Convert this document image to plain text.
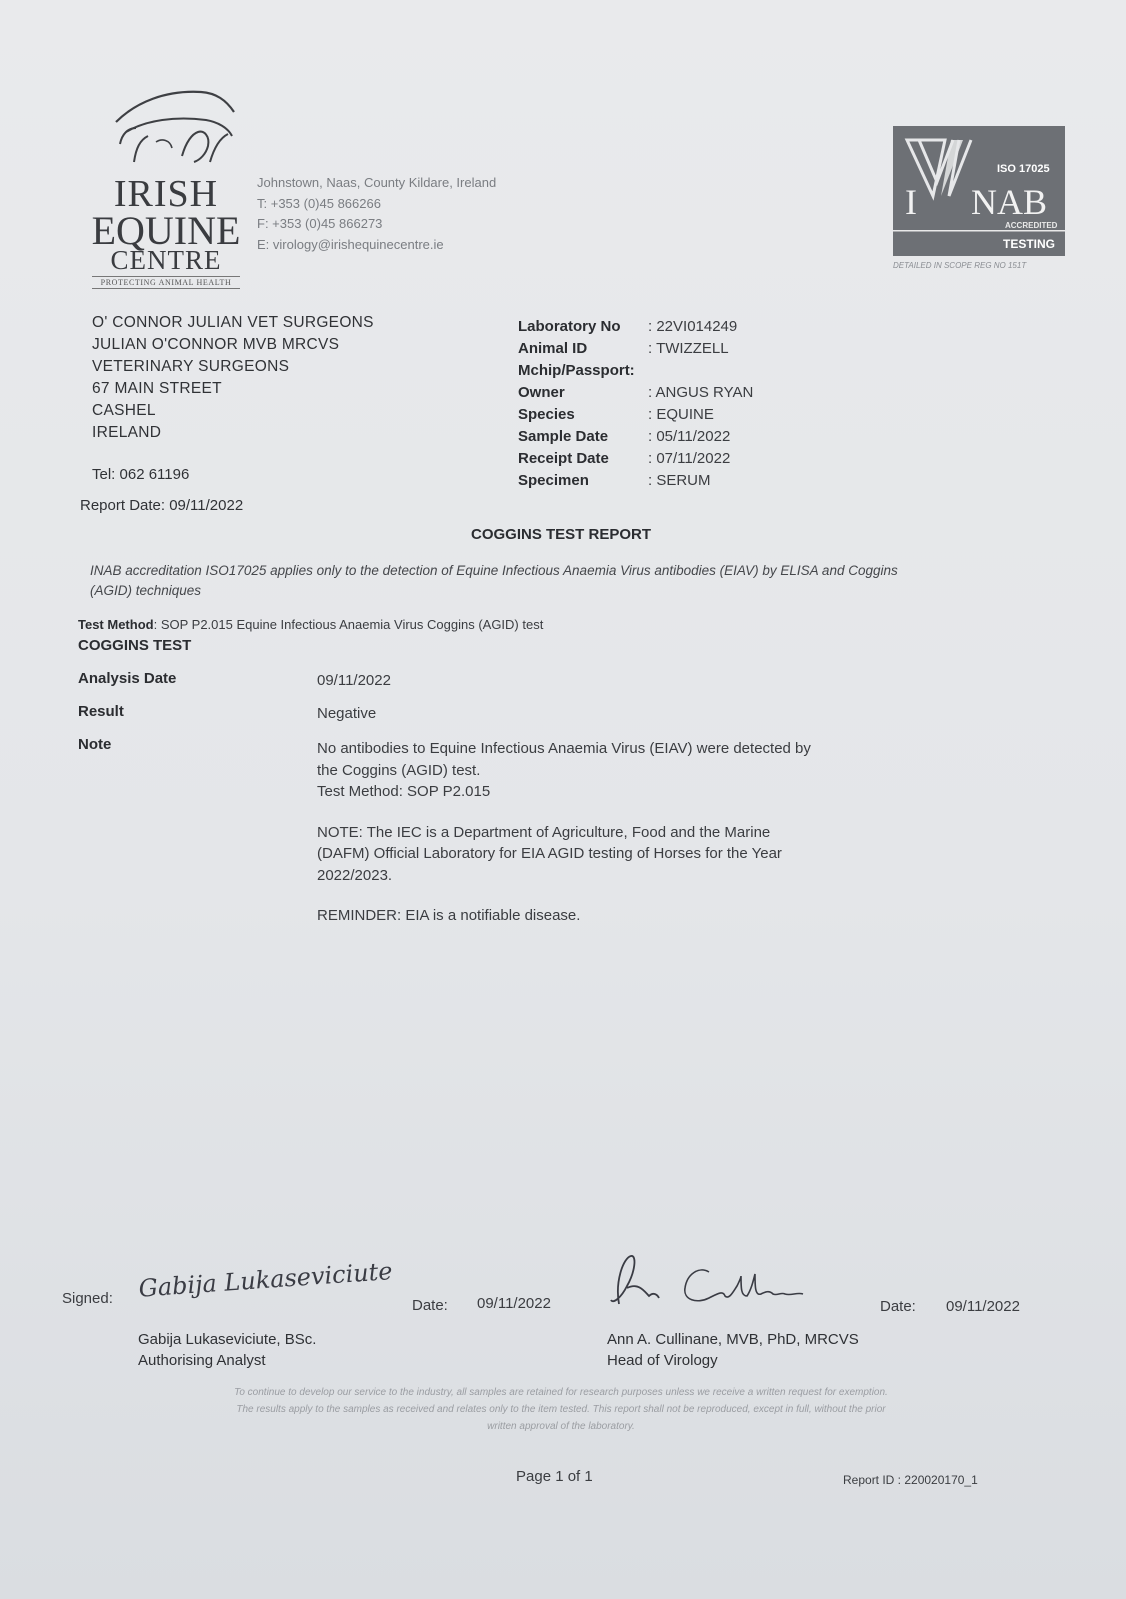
IRISH
EQUINE
CENTRE
PROTECTING ANIMAL HEALTH
Johnstown, Naas, County Kildare, Ireland
T: +353 (0)45 866266
F: +353 (0)45 866273
E: virology@irishequinecentre.ie
ISO 17025
I NAB
ACCREDITED
TESTING
DETAILED IN SCOPE REG NO 151T
O' CONNOR JULIAN VET SURGEONS
JULIAN O'CONNOR MVB MRCVS
VETERINARY SURGEONS
67 MAIN STREET
CASHEL
IRELAND
Tel: 062 61196
Report Date: 09/11/2022
Laboratory No	: 22VI014249
Animal ID	: TWIZZELL
Mchip/Passport:
Owner	: ANGUS RYAN
Species	: EQUINE
Sample Date	: 05/11/2022
Receipt Date	: 07/11/2022
Specimen	: SERUM
COGGINS TEST REPORT
INAB accreditation ISO17025 applies only to the detection of Equine Infectious Anaemia Virus antibodies (EIAV) by ELISA and Coggins (AGID) techniques
Test Method: SOP P2.015 Equine Infectious Anaemia Virus Coggins (AGID) test
COGGINS TEST
Analysis Date	09/11/2022
Result	Negative
Note	No antibodies to Equine Infectious Anaemia Virus (EIAV) were detected by
the Coggins (AGID) test.
Test Method: SOP P2.015
NOTE: The IEC is a Department of Agriculture, Food and the Marine
(DAFM) Official Laboratory for EIA AGID testing of Horses for the Year
2022/2023.
REMINDER: EIA is a notifiable disease.
Signed: Gabija Lukaseviciute
Date: 09/11/2022	Date: 09/11/2022
Gabija Lukaseviciute, BSc.
Authorising Analyst
Ann A. Cullinane, MVB, PhD, MRCVS
Head of Virology
To continue to develop our service to the industry, all samples are retained for research purposes unless we receive a written request for exemption.
The results apply to the samples as received and relates only to the item tested. This report shall not be reproduced, except in full, without the prior
written approval of the laboratory.
Page 1 of 1	Report ID : 220020170_1
